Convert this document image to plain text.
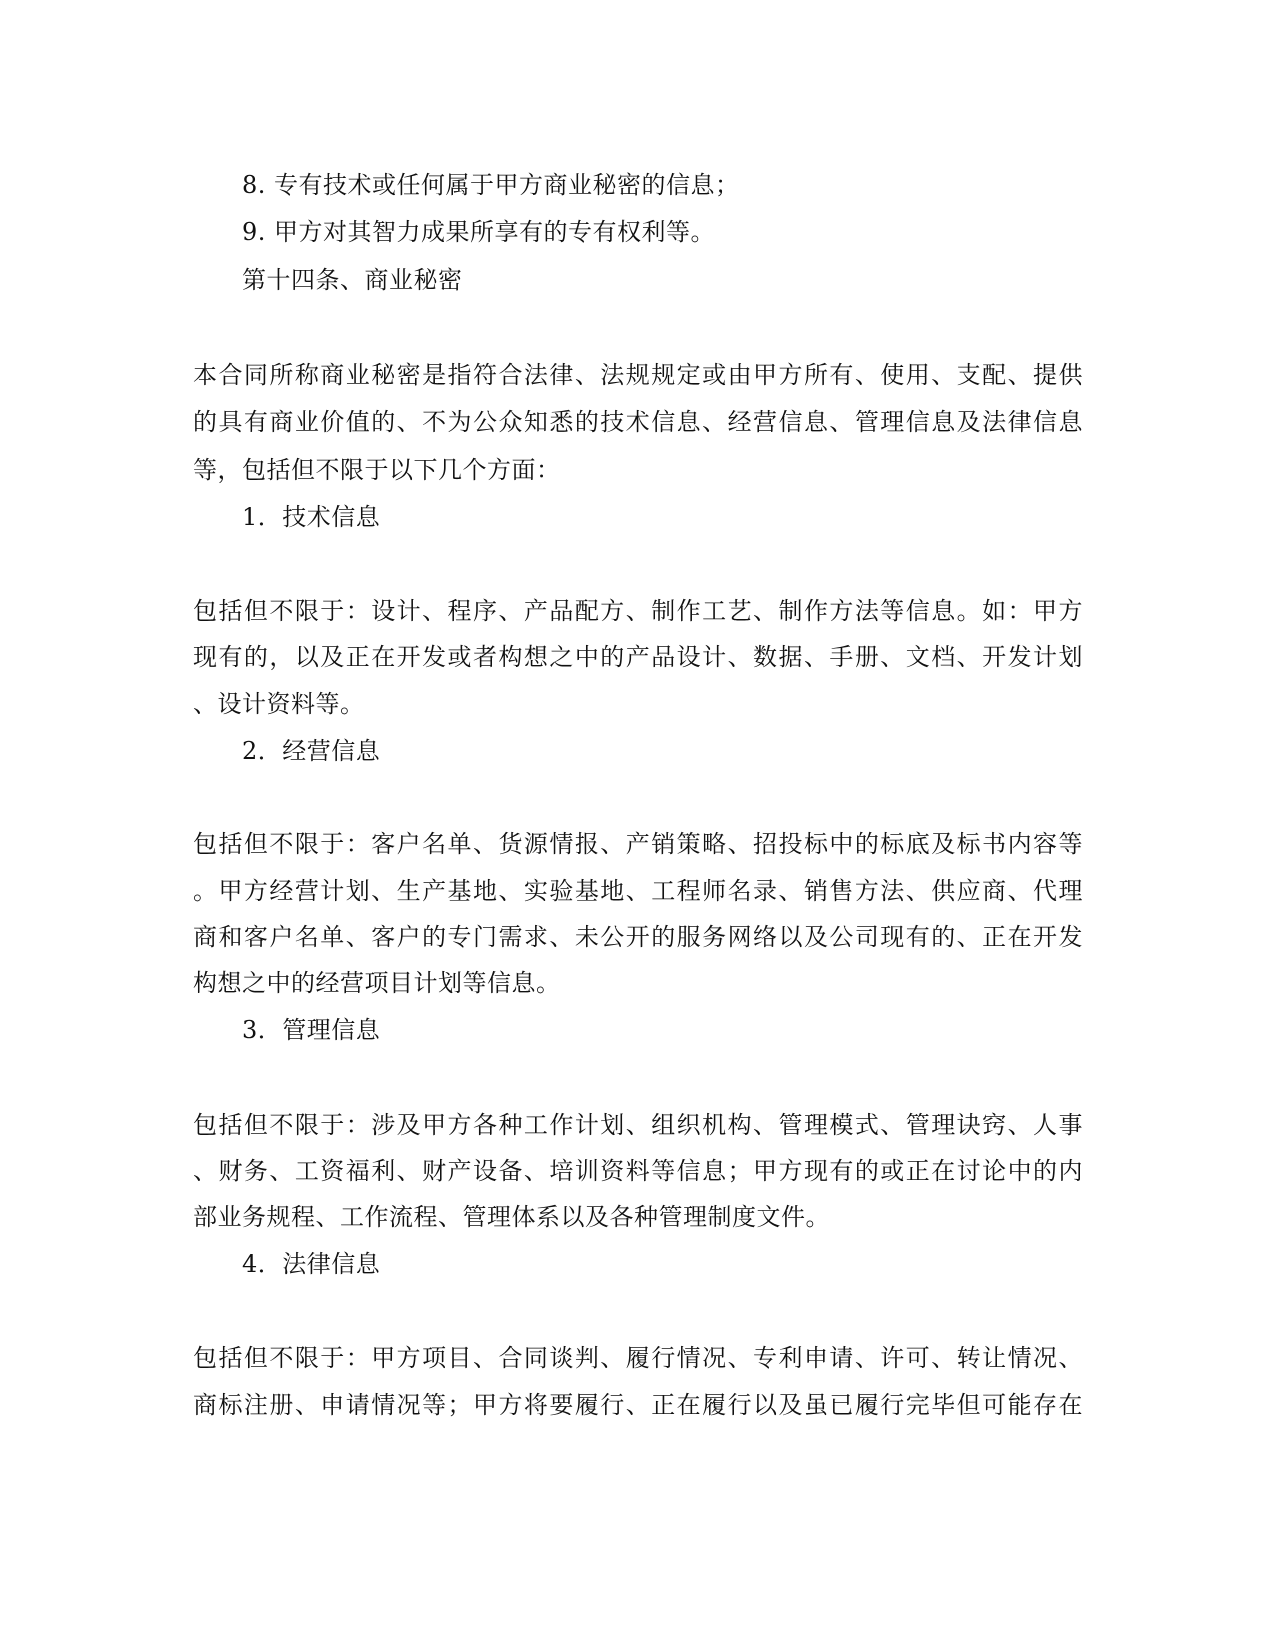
8. 专有技术或任何属于甲方商业秘密的信息；
9. 甲方对其智力成果所享有的专有权利等。
第十四条、商业秘密
本合同所称商业秘密是指符合法律、法规规定或由甲方所有、使用、支配、提供
的具有商业价值的、不为公众知悉的技术信息、经营信息、管理信息及法律信息
等，包括但不限于以下几个方面：
1．技术信息
包括但不限于：设计、程序、产品配方、制作工艺、制作方法等信息。如：甲方
现有的，以及正在开发或者构想之中的产品设计、数据、手册、文档、开发计划
、设计资料等。
2．经营信息
包括但不限于：客户名单、货源情报、产销策略、招投标中的标底及标书内容等
。甲方经营计划、生产基地、实验基地、工程师名录、销售方法、供应商、代理
商和客户名单、客户的专门需求、未公开的服务网络以及公司现有的、正在开发
构想之中的经营项目计划等信息。
3．管理信息
包括但不限于：涉及甲方各种工作计划、组织机构、管理模式、管理诀窍、人事
、财务、工资福利、财产设备、培训资料等信息；甲方现有的或正在讨论中的内
部业务规程、工作流程、管理体系以及各种管理制度文件。
4．法律信息
包括但不限于：甲方项目、合同谈判、履行情况、专利申请、许可、转让情况、
商标注册、申请情况等；甲方将要履行、正在履行以及虽已履行完毕但可能存在
